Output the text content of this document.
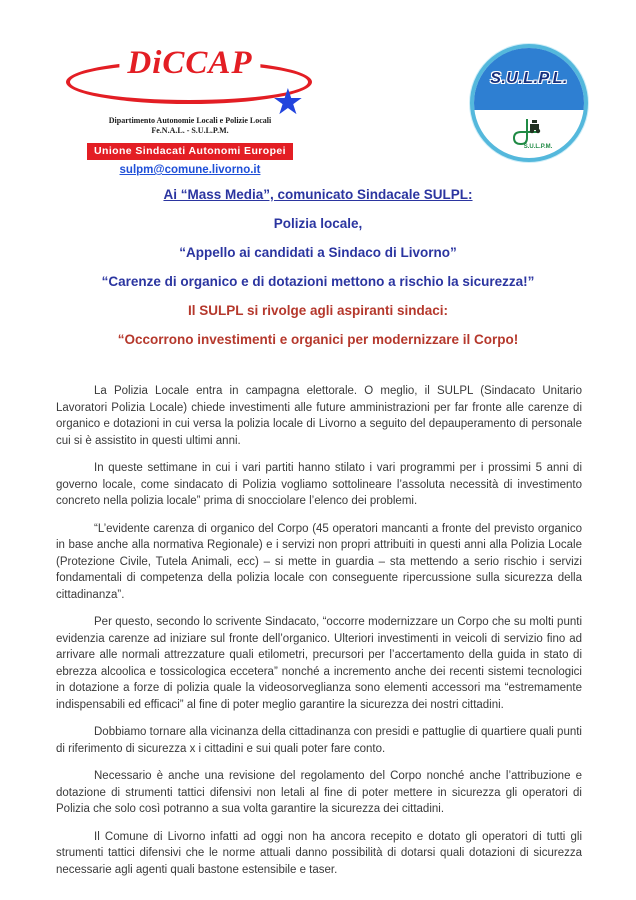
DiCCAP
★
Dipartimento Autonomie Locali e Polizie Locali
Fe.N.A.L. - S.U.L.P.M.
Unione Sindacati Autonomi Europei
sulpm@comune.livorno.it
S.U.L.P.L.
S.U.L.P.M.
Ai “Mass Media”, comunicato Sindacale SULPL:
Polizia locale,
“Appello ai candidati a Sindaco di Livorno”
“Carenze di organico e di dotazioni mettono a rischio la sicurezza!”
Il SULPL si rivolge agli aspiranti sindaci:
“Occorrono investimenti e organici per modernizzare il Corpo!

La Polizia Locale entra in campagna elettorale. O meglio, il SULPL (Sindacato Unitario Lavoratori Polizia Locale) chiede investimenti alle future amministrazioni per far fronte alle carenze di organico e dotazioni in cui versa la polizia locale di Livorno a seguito del depauperamento di personale cui si è assistito in questi ultimi anni.

In queste settimane in cui i vari partiti hanno stilato i vari programmi per i prossimi 5 anni di governo locale, come sindacato di Polizia vogliamo sottolineare l’assoluta necessità di investimento concreto nella polizia locale” prima di snocciolare l’elenco dei problemi.

“L’evidente carenza di organico del Corpo (45 operatori mancanti a fronte del previsto organico in base anche alla normativa Regionale) e i servizi non propri attribuiti in questi anni alla Polizia Locale (Protezione Civile, Tutela Animali, ecc) – si mette in guardia – sta mettendo a serio rischio i servizi fondamentali di competenza della polizia locale con conseguente ripercussione sulla sicurezza della cittadinanza”.

Per questo, secondo lo scrivente Sindacato, “occorre modernizzare un Corpo che su molti punti evidenzia carenze ad iniziare sul fronte dell’organico. Ulteriori investimenti in veicoli di servizio fino ad arrivare alle normali attrezzature quali etilometri, precursori per l’accertamento della guida in stato di ebrezza alcoolica e tossicologica eccetera” nonché a incremento anche dei recenti sistemi tecnologici in dotazione a forze di polizia quale la videosorveglianza sono elementi accessori ma “estremamente indispensabili ed efficaci” al fine di poter meglio garantire la sicurezza dei nostri cittadini.

Dobbiamo tornare alla vicinanza della cittadinanza con presidi e pattuglie di quartiere quali punti di riferimento di sicurezza x i cittadini e sui quali poter fare conto.

Necessario è anche una revisione del regolamento del Corpo nonché anche l’attribuzione e dotazione di strumenti tattici difensivi non letali al fine di poter mettere in sicurezza gli operatori di Polizia che solo così potranno a sua volta garantire la sicurezza dei cittadini.

Il Comune di Livorno infatti ad oggi non ha ancora recepito e dotato gli operatori di tutti gli strumenti tattici difensivi che le norme attuali danno possibilità di dotarsi quali dotazioni di sicurezza necessarie agli agenti quali bastone estensibile e taser.
